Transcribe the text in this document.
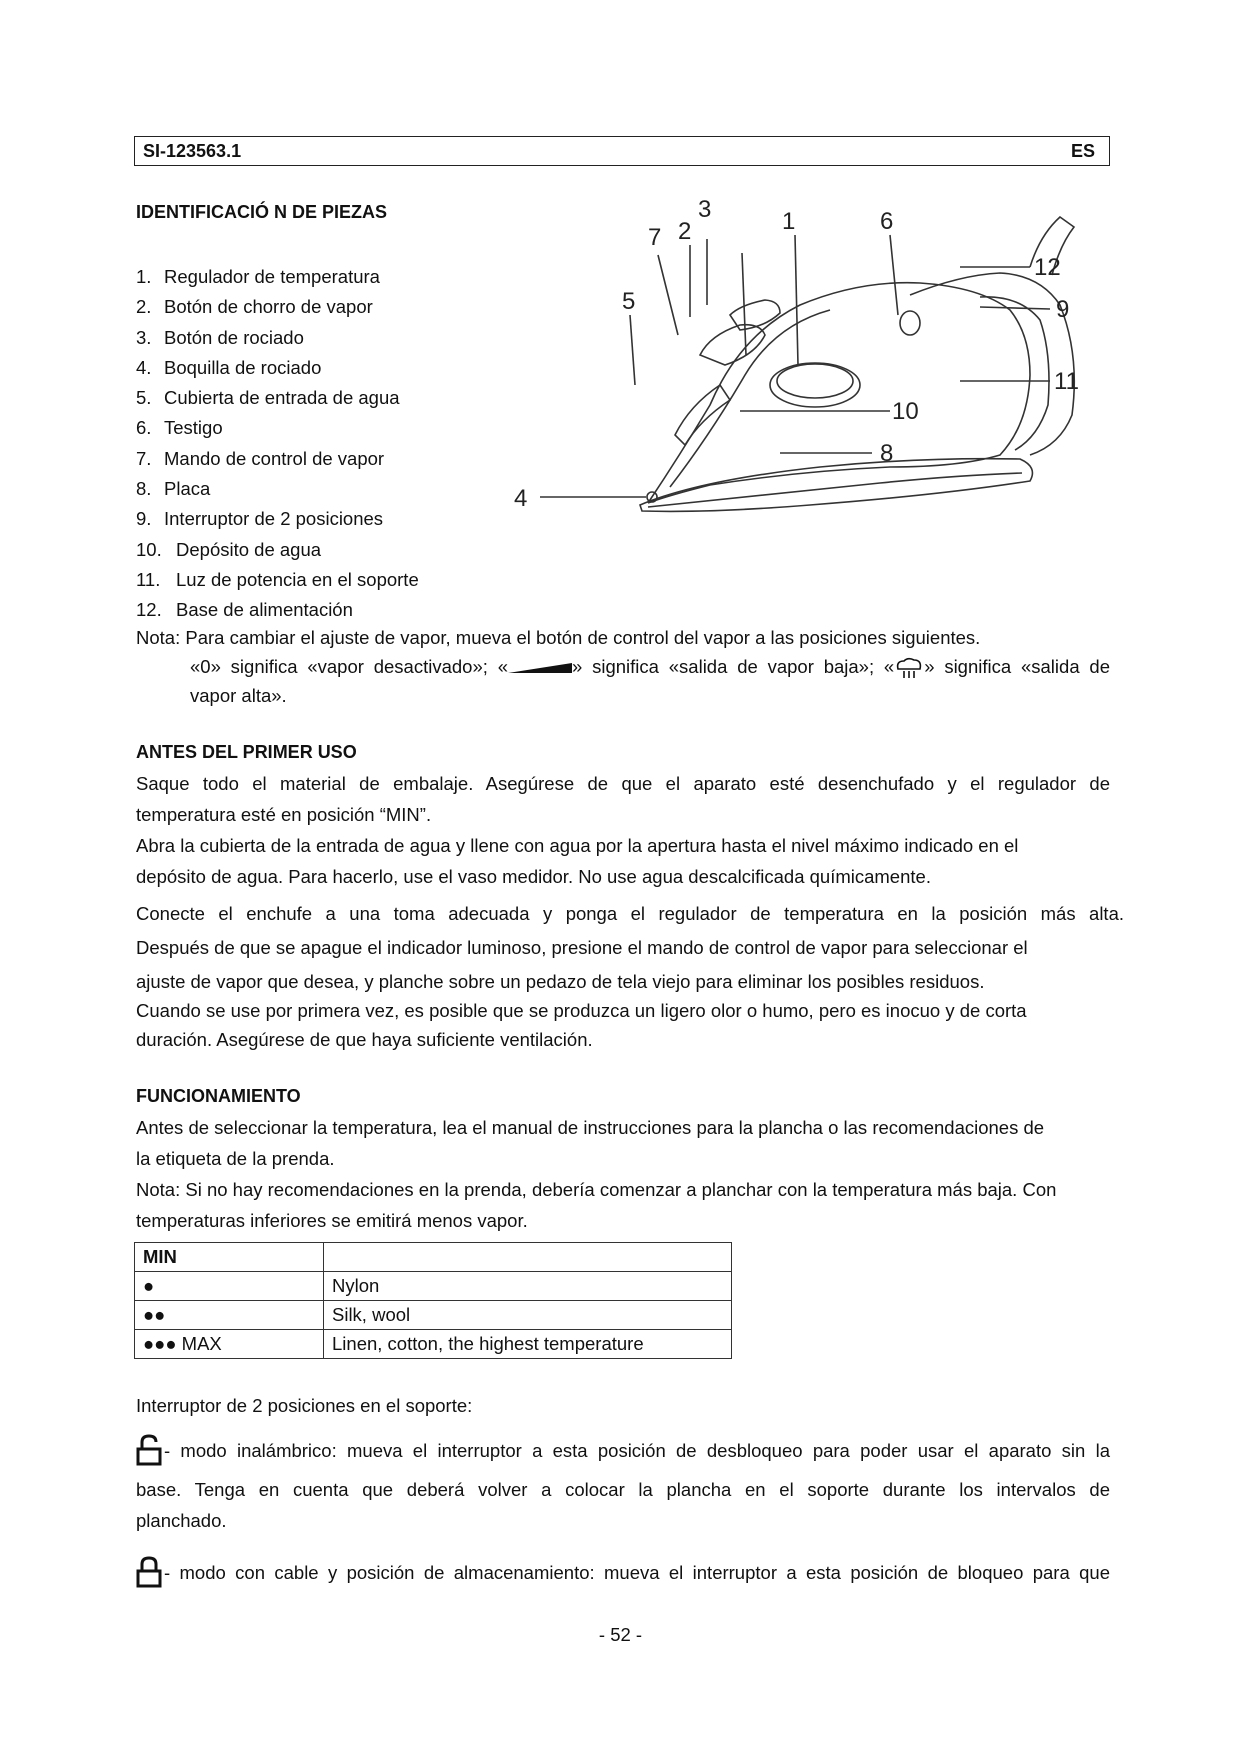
SI-123563.1	ES
IDENTIFICACIÓ N DE PIEZAS
1. Regulador de temperatura
2. Botón de chorro de vapor
3. Botón de rociado
4. Boquilla de rociado
5. Cubierta de entrada de agua
6. Testigo
7. Mando de control de vapor
8. Placa
9. Interruptor de 2 posiciones
10. Depósito de agua
11. Luz de potencia en el soporte
12. Base de alimentación
1
2
3
4
5
6
7
8
9
10
11
12
Nota: Para cambiar el ajuste de vapor, mueva el botón de control del vapor a las posiciones siguientes.
«0» significa «vapor desactivado»; «	» significa «salida de vapor baja»; « » significa «salida de
vapor alta».
ANTES DEL PRIMER USO
Saque todo el material de embalaje. Asegúrese de que el aparato esté desenchufado y el regulador de
temperatura esté en posición “MIN”.
Abra la cubierta de la entrada de agua y llene con agua por la apertura hasta el nivel máximo indicado en el
depósito de agua. Para hacerlo, use el vaso medidor. No use agua descalcificada químicamente.
Conecte el enchufe a una toma adecuada y ponga el regulador de temperatura en la posición más alta.
Después de que se apague el indicador luminoso, presione el mando de control de vapor para seleccionar el
ajuste de vapor que desea, y planche sobre un pedazo de tela viejo para eliminar los posibles residuos.
Cuando se use por primera vez, es posible que se produzca un ligero olor o humo, pero es inocuo y de corta
duración. Asegúrese de que haya suficiente ventilación.
FUNCIONAMIENTO
Antes de seleccionar la temperatura, lea el manual de instrucciones para la plancha o las recomendaciones de
la etiqueta de la prenda.
Nota: Si no hay recomendaciones en la prenda, debería comenzar a planchar con la temperatura más baja. Con
temperaturas inferiores se emitirá menos vapor.
MIN	
●	Nylon
●●	Silk, wool
●●● MAX	Linen, cotton, the highest temperature
Interruptor de 2 posiciones en el soporte:
- modo inalámbrico: mueva el interruptor a esta posición de desbloqueo para poder usar el aparato sin la
base. Tenga en cuenta que deberá volver a colocar la plancha en el soporte durante los intervalos de
planchado.
- modo con cable y posición de almacenamiento: mueva el interruptor a esta posición de bloqueo para que
- 52 -
